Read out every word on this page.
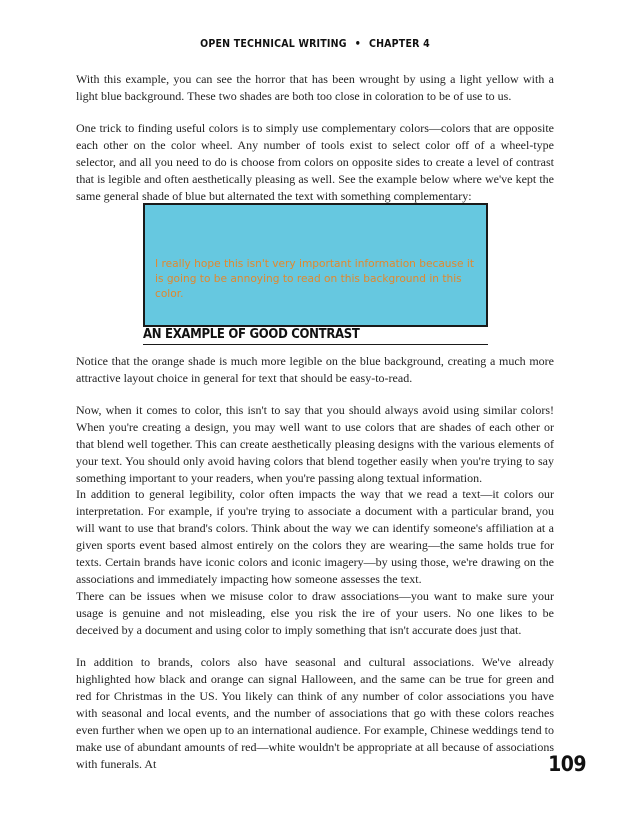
OPEN TECHNICAL WRITING • CHAPTER 4

With this example, you can see the horror that has been wrought by using a light yellow with a light blue background. These two shades are both too close in coloration to be of use to us.

One trick to finding useful colors is to simply use complementary colors—colors that are opposite each other on the color wheel. Any number of tools exist to select color off of a wheel-type selector, and all you need to do is choose from colors on opposite sides to create a level of contrast that is legible and often aesthetically pleasing as well. See the example below where we've kept the same general shade of blue but alternated the text with something complementary:

I really hope this isn't very important information because it is going to be annoying to read on this background in this color.

AN EXAMPLE OF GOOD CONTRAST

Notice that the orange shade is much more legible on the blue background, creating a much more attractive layout choice in general for text that should be easy-to-read.

Now, when it comes to color, this isn't to say that you should always avoid using similar colors! When you're creating a design, you may well want to use colors that are shades of each other or that blend well together. This can create aesthetically pleasing designs with the various elements of your text. You should only avoid having colors that blend together easily when you're trying to say something important to your readers, when you're passing along textual information.

In addition to general legibility, color often impacts the way that we read a text—it colors our interpretation. For example, if you're trying to associate a document with a particular brand, you will want to use that brand's colors. Think about the way we can identify someone's affiliation at a given sports event based almost entirely on the colors they are wearing—the same holds true for texts. Certain brands have iconic colors and iconic imagery—by using those, we're drawing on the associations and immediately impacting how someone assesses the text.

There can be issues when we misuse color to draw associations—you want to make sure your usage is genuine and not misleading, else you risk the ire of your users. No one likes to be deceived by a document and using color to imply something that isn't accurate does just that.

In addition to brands, colors also have seasonal and cultural associations. We've already highlighted how black and orange can signal Halloween, and the same can be true for green and red for Christmas in the US. You likely can think of any number of color associations you have with seasonal and local events, and the number of associations that go with these colors reaches even further when we open up to an international audience. For example, Chinese weddings tend to make use of abundant amounts of red—white wouldn't be appropriate at all because of associations with funerals. At	109
